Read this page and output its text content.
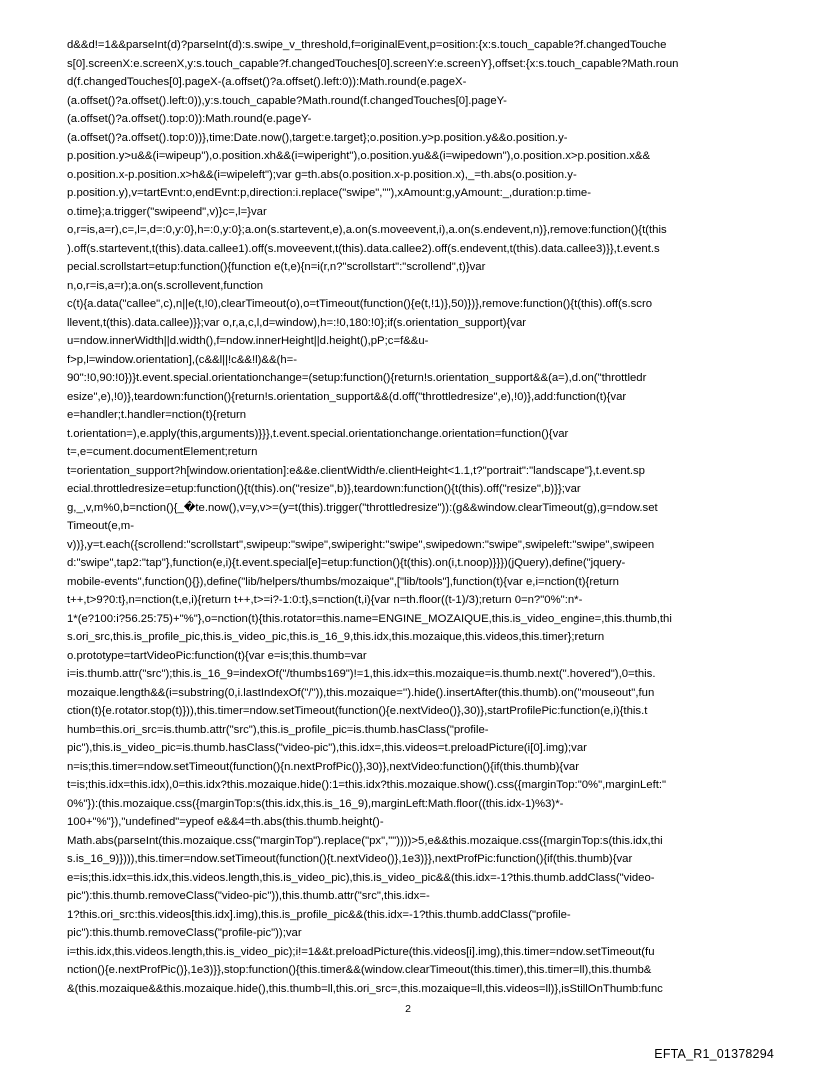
d&&d!=1&&parseInt(d)?parseInt(d):s.swipe_v_threshold,f=originalEvent,p=osition:{x:s.touch_capable?f.changedTouche
s[0].screenX:e.screenX,y:s.touch_capable?f.changedTouches[0].screenY:e.screenY},offset:{x:s.touch_capable?Math.roun
d(f.changedTouches[0].pageX-(a.offset()?a.offset().left:0)):Math.round(e.pageX-
(a.offset()?a.offset().left:0)),y:s.touch_capable?Math.round(f.changedTouches[0].pageY-
(a.offset()?a.offset().top:0)):Math.round(e.pageY-
(a.offset()?a.offset().top:0))},time:Date.now(),target:e.target};o.position.y>p.position.y&&o.position.y-
p.position.y>u&&(i=wipeup"),o.position.xh&&(i=wiperight"),o.position.yu&&(i=wipedown"),o.position.x>p.position.x&&
o.position.x-p.position.x>h&&(i=wipeleft");var g=th.abs(o.position.x-p.position.x),_=th.abs(o.position.y-
p.position.y),v=tartEvnt:o,endEvnt:p,direction:i.replace("swipe",""),xAmount:g,yAmount:_,duration:p.time-
o.time};a.trigger("swipeend",v)}c=,l=}var
o,r=is,a=r),c=,l=,d=:0,y:0},h=:0,y:0};a.on(s.startevent,e),a.on(s.moveevent,i),a.on(s.endevent,n)},remove:function(){t(this
).off(s.startevent,t(this).data.callee1).off(s.moveevent,t(this).data.callee2).off(s.endevent,t(this).data.callee3)}},t.event.s
pecial.scrollstart=etup:function(){function e(t,e){n=i(r,n?"scrollstart":"scrollend",t)}var
n,o,r=is,a=r);a.on(s.scrollevent,function
c(t){a.data("callee",c),n||e(t,!0),clearTimeout(o),o=tTimeout(function(){e(t,!1)},50)})},remove:function(){t(this).off(s.scro
llevent,t(this).data.callee)}};var o,r,a,c,l,d=window),h=:!0,180:!0};if(s.orientation_support){var
u=ndow.innerWidth||d.width(),f=ndow.innerHeight||d.height(),pP;c=f&&u-
f>p,l=window.orientation],(c&&l||!c&&!l)&&(h=-
90":!0,90:!0})}t.event.special.orientationchange=(setup:function(){return!s.orientation_support&&(a=),d.on("throttledr
esize",e),!0)},teardown:function(){return!s.orientation_support&&(d.off("throttledresize",e),!0)},add:function(t){var
e=handler;t.handler=nction(t){return
t.orientation=),e.apply(this,arguments)}}},t.event.special.orientationchange.orientation=function(){var
t=,e=cument.documentElement;return
t=orientation_support?h[window.orientation]:e&&e.clientWidth/e.clientHeight<1.1,t?"portrait":"landscape"},t.event.sp
ecial.throttledresize=etup:function(){t(this).on("resize",b)},teardown:function(){t(this).off("resize",b)}};var
g,_,v,m%0,b=nction(){_�te.now(),v=y,v>=(y=t(this).trigger("throttledresize")):(g&&window.clearTimeout(g),g=ndow.set
Timeout(e,m-
v))},y=t.each({scrollend:"scrollstart",swipeup:"swipe",swiperight:"swipe",swipedown:"swipe",swipeleft:"swipe",swipeen
d:"swipe",tap2:"tap"},function(e,i){t.event.special[e]=etup:function(){t(this).on(i,t.noop)}}})(jQuery),define("jquery-
mobile-events",function(){}),define("lib/helpers/thumbs/mozaique",["lib/tools"],function(t){var e,i=nction(t){return
t++,t>9?0:t},n=nction(t,e,i){return t++,t>=i?-1:0:t},s=nction(t,i){var n=th.floor((t-1)/3);return 0=n?"0%":n*-
1*(e?100:i?56.25:75)+"%"},o=nction(t){this.rotator=this.name=ENGINE_MOZAIQUE,this.is_video_engine=,this.thumb,thi
s.ori_src,this.is_profile_pic,this.is_video_pic,this.is_16_9,this.idx,this.mozaique,this.videos,this.timer};return
o.prototype=tartVideoPic:function(t){var e=is;this.thumb=var
i=is.thumb.attr("src");this.is_16_9=indexOf("/thumbs169")!=1,this.idx=this.mozaique=is.thumb.next(".hovered"),0=this.
mozaique.length&&(i=substring(0,i.lastIndexOf("/")),this.mozaique='').hide().insertAfter(this.thumb).on("mouseout",fun
ction(t){e.rotator.stop(t)})),this.timer=ndow.setTimeout(function(){e.nextVideo()},30)},startProfilePic:function(e,i){this.t
humb=this.ori_src=is.thumb.attr("src"),this.is_profile_pic=is.thumb.hasClass("profile-
pic"),this.is_video_pic=is.thumb.hasClass("video-pic"),this.idx=,this.videos=t.preloadPicture(i[0].img);var
n=is;this.timer=ndow.setTimeout(function(){n.nextProfPic()},30)},nextVideo:function(){if(this.thumb){var
t=is;this.idx=this.idx),0=this.idx?this.mozaique.hide():1=this.idx?this.mozaique.show().css({marginTop:"0%",marginLeft:"
0%"}):(this.mozaique.css({marginTop:s(this.idx,this.is_16_9),marginLeft:Math.floor((this.idx-1)%3)*-
100+"%"}),"undefined"=ypeof e&&4=th.abs(this.thumb.height()-
Math.abs(parseInt(this.mozaique.css("marginTop").replace("px",""))))>5,e&&this.mozaique.css({marginTop:s(this.idx,thi
s.is_16_9)}))),this.timer=ndow.setTimeout(function(){t.nextVideo()},1e3)}},nextProfPic:function(){if(this.thumb){var
e=is;this.idx=this.idx,this.videos.length,this.is_video_pic),this.is_video_pic&&(this.idx=-1?this.thumb.addClass("video-
pic"):this.thumb.removeClass("video-pic")),this.thumb.attr("src",this.idx=-
1?this.ori_src:this.videos[this.idx].img),this.is_profile_pic&&(this.idx=-1?this.thumb.addClass("profile-
pic"):this.thumb.removeClass("profile-pic"));var
i=this.idx,this.videos.length,this.is_video_pic);i!=1&&t.preloadPicture(this.videos[i].img),this.timer=ndow.setTimeout(fu
nction(){e.nextProfPic()},1e3)}},stop:function(){this.timer&&(window.clearTimeout(this.timer),this.timer=ll),this.thumb&
&(this.mozaique&&this.mozaique.hide(),this.thumb=ll,this.ori_src=,this.mozaique=ll,this.videos=ll)},isStillOnThumb:func
2
EFTA_R1_01378294
